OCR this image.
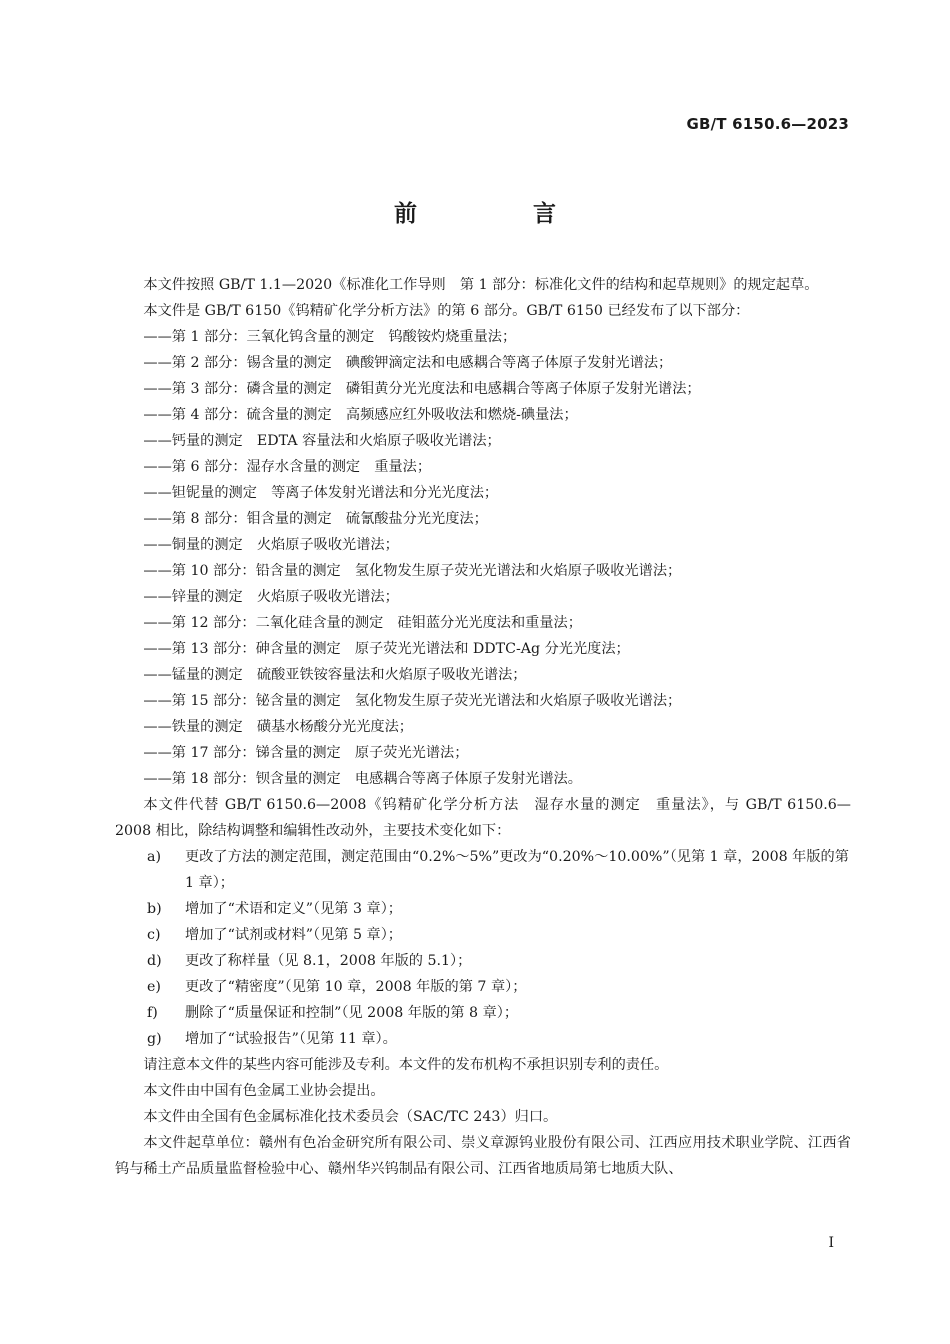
GB/T 6150.6—2023
前 言

本文件按照 GB/T 1.1—2020《标准化工作导则　第 1 部分：标准化文件的结构和起草规则》的规定起草。

本文件是 GB/T 6150《钨精矿化学分析方法》的第 6 部分。GB/T 6150 已经发布了以下部分：

——第 1 部分：三氧化钨含量的测定　钨酸铵灼烧重量法；

——第 2 部分：锡含量的测定　碘酸钾滴定法和电感耦合等离子体原子发射光谱法；

——第 3 部分：磷含量的测定　磷钼黄分光光度法和电感耦合等离子体原子发射光谱法；

——第 4 部分：硫含量的测定　高频感应红外吸收法和燃烧-碘量法；

——钙量的测定　EDTA 容量法和火焰原子吸收光谱法；

——第 6 部分：湿存水含量的测定　重量法；

——钽铌量的测定　等离子体发射光谱法和分光光度法；

——第 8 部分：钼含量的测定　硫氰酸盐分光光度法；

——铜量的测定　火焰原子吸收光谱法；

——第 10 部分：铅含量的测定　氢化物发生原子荧光光谱法和火焰原子吸收光谱法；

——锌量的测定　火焰原子吸收光谱法；

——第 12 部分：二氧化硅含量的测定　硅钼蓝分光光度法和重量法；

——第 13 部分：砷含量的测定　原子荧光光谱法和 DDTC-Ag 分光光度法；

——锰量的测定　硫酸亚铁铵容量法和火焰原子吸收光谱法；

——第 15 部分：铋含量的测定　氢化物发生原子荧光光谱法和火焰原子吸收光谱法；

——铁量的测定　磺基水杨酸分光光度法；

——第 17 部分：锑含量的测定　原子荧光光谱法；

——第 18 部分：钡含量的测定　电感耦合等离子体原子发射光谱法。

本文件代替 GB/T 6150.6—2008《钨精矿化学分析方法　湿存水量的测定　重量法》，与 GB/T 6150.6—2008 相比，除结构调整和编辑性改动外，主要技术变化如下：

a)	更改了方法的测定范围，测定范围由“0.2%～5%”更改为“0.20%～10.00%”（见第 1 章，2008 年版的第 1 章）；
b)	增加了“术语和定义”（见第 3 章）；
c)	增加了“试剂或材料”（见第 5 章）；
d)	更改了称样量（见 8.1，2008 年版的 5.1）；
e)	更改了“精密度”（见第 10 章，2008 年版的第 7 章）；
f)	删除了“质量保证和控制”（见 2008 年版的第 8 章）；
g)	增加了“试验报告”（见第 11 章）。

请注意本文件的某些内容可能涉及专利。本文件的发布机构不承担识别专利的责任。

本文件由中国有色金属工业协会提出。

本文件由全国有色金属标准化技术委员会（SAC/TC 243）归口。

本文件起草单位：赣州有色冶金研究所有限公司、崇义章源钨业股份有限公司、江西应用技术职业学院、江西省钨与稀土产品质量监督检验中心、赣州华兴钨制品有限公司、江西省地质局第七地质大队、

I
